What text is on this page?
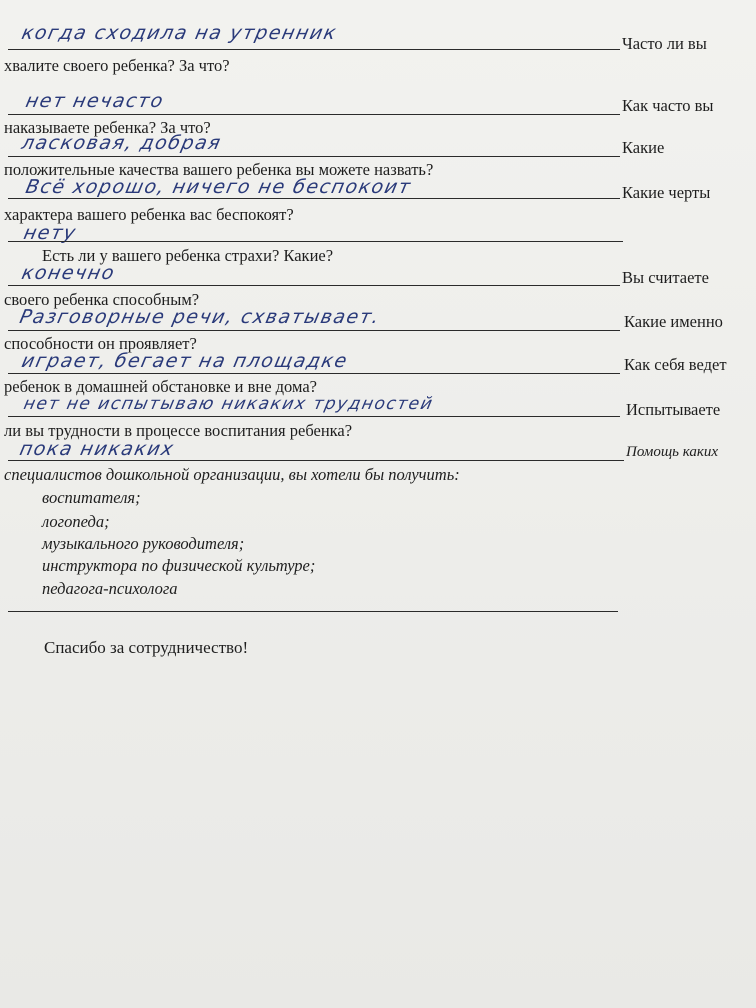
когда сходила на утренник	Часто ли вы
хвалите своего ребенка? За что?
нет нечасто	Как часто вы
наказываете ребенка? За что?
ласковая, добрая	Какие
положительные качества вашего ребенка вы можете назвать?
Всё хорошо, ничего не беспокоит	Какие черты
характера вашего ребенка вас беспокоят?
нету
Есть ли у вашего ребенка страхи? Какие?
конечно	Вы считаете
своего ребенка способным?
Разговорные речи, схватывает.	Какие именно
способности он проявляет?
играет, бегает на площадке	Как себя ведет
ребенок в домашней обстановке и вне дома?
нет не испытываю никаких трудностей	Испытываете
ли вы трудности в процессе воспитания ребенка?
пока никаких	Помощь каких
специалистов дошкольной организации, вы хотели бы получить:
воспитателя;
логопеда;
музыкального руководителя;
инструктора по физической культуре;
педагога-психолога
Спасибо за сотрудничество!
